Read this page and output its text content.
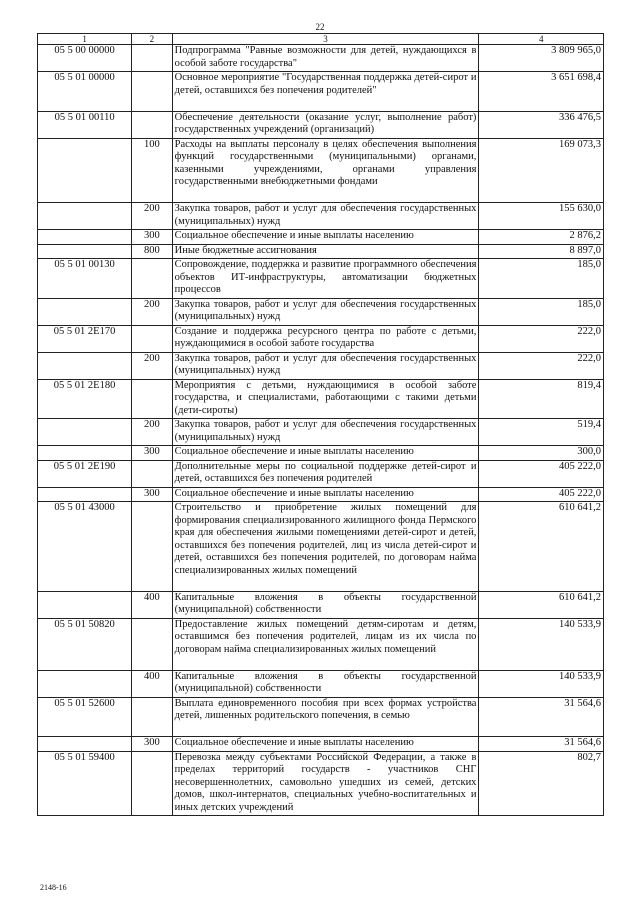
22
1	2	3	4
05 5 00 00000		Подпрограмма "Равные возможности для детей, нуждающихся в особой заботе государства"	3 809 965,0
05 5 01 00000		Основное мероприятие "Государственная поддержка детей-сирот и детей, оставшихся без попечения родителей"	3 651 698,4
05 5 01 00110		Обеспечение деятельности (оказание услуг, выполнение работ) государственных учреждений (организаций)	336 476,5
	100	Расходы на выплаты персоналу в целях обеспечения выполнения функций государственными (муниципальными) органами, казенными учреждениями, органами управления государственными внебюджетными фондами	169 073,3
	200	Закупка товаров, работ и услуг для обеспечения государственных (муниципальных) нужд	155 630,0
	300	Социальное обеспечение и иные выплаты населению	2 876,2
	800	Иные бюджетные ассигнования	8 897,0
05 5 01 00130		Сопровождение, поддержка и развитие программного обеспечения объектов ИТ-инфраструктуры, автоматизации бюджетных процессов	185,0
	200	Закупка товаров, работ и услуг для обеспечения государственных (муниципальных) нужд	185,0
05 5 01 2E170		Создание и поддержка ресурсного центра по работе с детьми, нуждающимися в особой заботе государства	222,0
	200	Закупка товаров, работ и услуг для обеспечения государственных (муниципальных) нужд	222,0
05 5 01 2E180		Мероприятия с детьми, нуждающимися в особой заботе государства, и специалистами, работающими с такими детьми (дети-сироты)	819,4
	200	Закупка товаров, работ и услуг для обеспечения государственных (муниципальных) нужд	519,4
	300	Социальное обеспечение и иные выплаты населению	300,0
05 5 01 2E190		Дополнительные меры по социальной поддержке детей-сирот и детей, оставшихся без попечения родителей	405 222,0
	300	Социальное обеспечение и иные выплаты населению	405 222,0
05 5 01 43000		Строительство и приобретение жилых помещений для формирования специализированного жилищного фонда Пермского края для обеспечения жилыми помещениями детей-сирот и детей, оставшихся без попечения родителей, лиц из числа детей-сирот и детей, оставшихся без попечения родителей, по договорам найма специализированных жилых помещений	610 641,2
	400	Капитальные вложения в объекты государственной (муниципальной) собственности	610 641,2
05 5 01 50820		Предоставление жилых помещений детям-сиротам и детям, оставшимся без попечения родителей, лицам из их числа по договорам найма специализированных жилых помещений	140 533,9
	400	Капитальные вложения в объекты государственной (муниципальной) собственности	140 533,9
05 5 01 52600		Выплата единовременного пособия при всех формах устройства детей, лишенных родительского попечения, в семью	31 564,6
	300	Социальное обеспечение и иные выплаты населению	31 564,6
05 5 01 59400		Перевозка между субъектами Российской Федерации, а также в пределах территорий государств - участников СНГ несовершеннолетних, самовольно ушедших из семей, детских домов, школ-интернатов, специальных учебно-воспитательных и иных детских учреждений	802,7
2148-16
